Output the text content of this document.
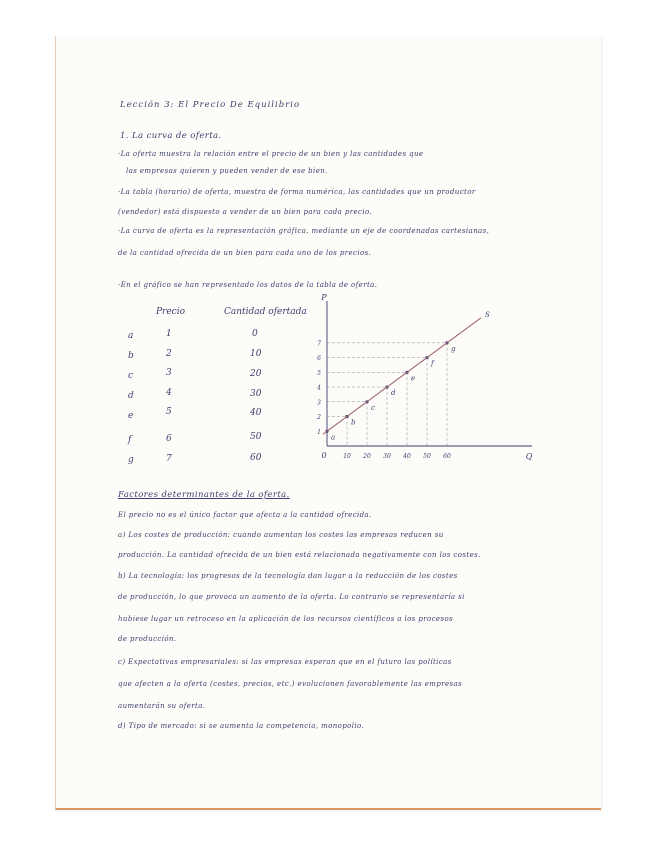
Lección 3: El Precio De Equilibrio
1. La curva de oferta.
·La oferta muestra la relación entre el precio de un bien y las cantidades que
las empresas quieren y pueden vender de ese bien.
·La tabla (horario) de oferta, muestra de forma numérica, las cantidades que un productor
(vendedor) está dispuesto a vender de un bien para cada precio.
·La curva de oferta es la representación gráfica, mediante un eje de coordenadas cartesianas,
de la cantidad ofrecida de un bien para cada uno de los precios.
·En el gráfico se han representado los datos de la tabla de oferta.
Precio	Cantidad ofertada
a	1	0
b	2	10
c	3	20
d	4	30
e	5	40
f	6	50
g	7	60
P
Q
0
a
b
c
d
e
f
g
1
2
3
4
5
6
7
10 20 30 40 50 60
S
Factores determinantes de la oferta.
El precio no es el único factor que afecta a la cantidad ofrecida.
a) Los costes de producción: cuando aumentan los costes las empresas reducen su
producción. La cantidad ofrecida de un bien está relacionada negativamente con los costes.
b) La tecnología: los progresos de la tecnología dan lugar a la reducción de los costes
de producción, lo que provoca un aumento de la oferta. Lo contrario se representaría si
hubiese lugar un retroceso en la aplicación de los recursos científicos a los procesos
de producción.
c) Expectativas empresariales: si las empresas esperan que en el futuro las políticas
que afecten a la oferta (costes, precios, etc.) evolucionen favorablemente las empresas
aumentarán su oferta.
d) Tipo de mercado: si se aumenta la competencia, monopolio.
